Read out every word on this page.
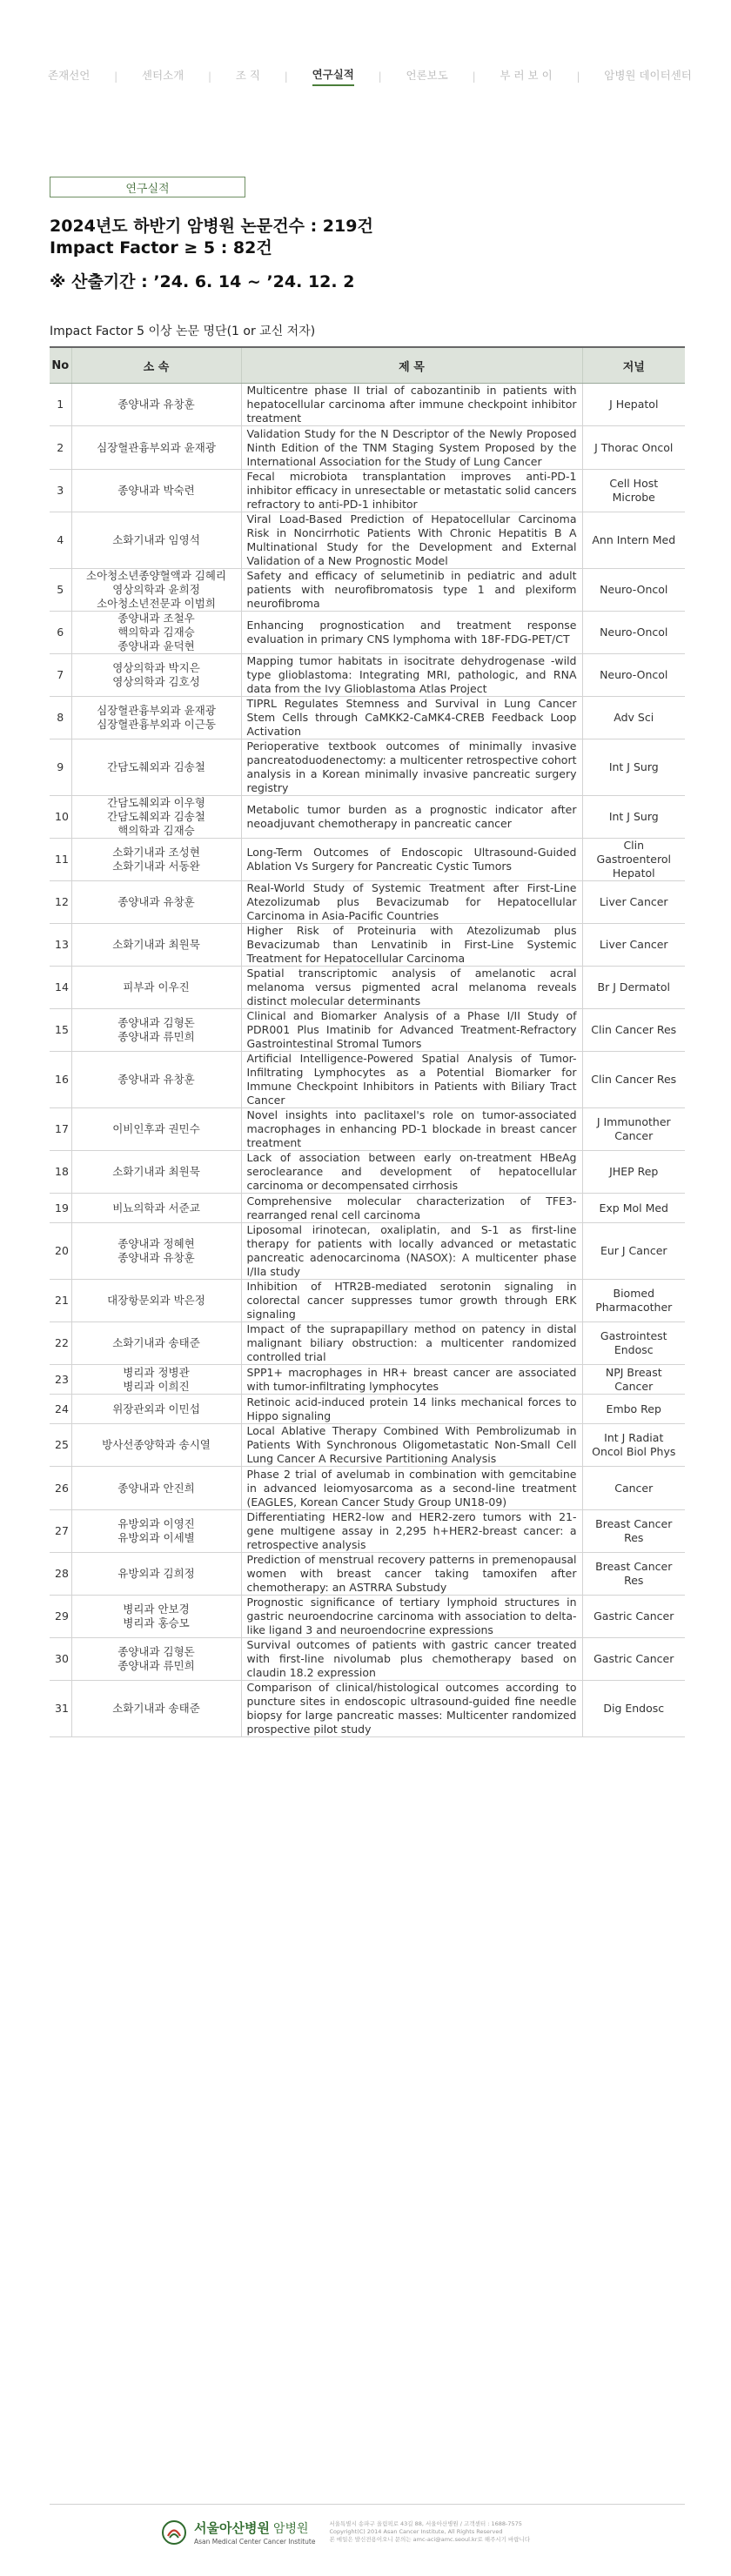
존재선언 | 센터소개 | 조 직 | 연구실적 | 언론보도 | 부 러 보 이 | 암병원 데이터센터
연구실적
2024년도 하반기 암병원 논문건수 : 219건
Impact Factor ≥ 5 : 82건
※ 산출기간 : ’24. 6. 14 ~ ’24. 12. 2
Impact Factor 5 이상 논문 명단(1 or 교신 저자)
No	소 속	제 목	저널
1	종양내과 유창훈	Multicentre phase II trial of cabozantinib in patients with hepatocellular carcinoma after immune checkpoint inhibitor treatment	J Hepatol
2	심장혈관흉부외과 윤재광	Validation Study for the N Descriptor of the Newly Proposed Ninth Edition of the TNM Staging System Proposed by the International Association for the Study of Lung Cancer	J Thorac Oncol
3	종양내과 박숙련	Fecal microbiota transplantation improves anti-PD-1 inhibitor efficacy in unresectable or metastatic solid cancers refractory to anti-PD-1 inhibitor	Cell Host Microbe
4	소화기내과 임영석	Viral Load-Based Prediction of Hepatocellular Carcinoma Risk in Noncirrhotic Patients With Chronic Hepatitis B A Multinational Study for the Development and External Validation of a New Prognostic Model	Ann Intern Med
5	소아청소년종양혈액과 김혜리
영상의학과 윤희정
소아청소년전문과 이범희	Safety and efficacy of selumetinib in pediatric and adult patients with neurofibromatosis type 1 and plexiform neurofibroma	Neuro-Oncol
6	종양내과 조철우
핵의학과 김재승
종양내과 윤덕현	Enhancing prognostication and treatment response evaluation in primary CNS lymphoma with 18F-FDG-PET/CT	Neuro-Oncol
7	영상의학과 박지은
영상의학과 김호성	Mapping tumor habitats in isocitrate dehydrogenase -wild type glioblastoma: Integrating MRI, pathologic, and RNA data from the Ivy Glioblastoma Atlas Project	Neuro-Oncol
8	심장혈관흉부외과 윤재광
심장혈관흉부외과 이근동	TIPRL Regulates Stemness and Survival in Lung Cancer Stem Cells through CaMKK2-CaMK4-CREB Feedback Loop Activation	Adv Sci
9	간담도췌외과 김송철	Perioperative textbook outcomes of minimally invasive pancreatoduodenectomy: a multicenter retrospective cohort analysis in a Korean minimally invasive pancreatic surgery registry	Int J Surg
10	간담도췌외과 이우형
간담도췌외과 김송철
핵의학과 김재승	Metabolic tumor burden as a prognostic indicator after neoadjuvant chemotherapy in pancreatic cancer	Int J Surg
11	소화기내과 조성현
소화기내과 서동완	Long-Term Outcomes of Endoscopic Ultrasound-Guided Ablation Vs Surgery for Pancreatic Cystic Tumors	Clin Gastroenterol Hepatol
12	종양내과 유창훈	Real-World Study of Systemic Treatment after First-Line Atezolizumab plus Bevacizumab for Hepatocellular Carcinoma in Asia-Pacific Countries	Liver Cancer
13	소화기내과 최원묵	Higher Risk of Proteinuria with Atezolizumab plus Bevacizumab than Lenvatinib in First-Line Systemic Treatment for Hepatocellular Carcinoma	Liver Cancer
14	피부과 이우진	Spatial transcriptomic analysis of amelanotic acral melanoma versus pigmented acral melanoma reveals distinct molecular determinants	Br J Dermatol
15	종양내과 김형돈
종양내과 류민희	Clinical and Biomarker Analysis of a Phase I/II Study of PDR001 Plus Imatinib for Advanced Treatment-Refractory Gastrointestinal Stromal Tumors	Clin Cancer Res
16	종양내과 유창훈	Artificial Intelligence-Powered Spatial Analysis of Tumor-Infiltrating Lymphocytes as a Potential Biomarker for Immune Checkpoint Inhibitors in Patients with Biliary Tract Cancer	Clin Cancer Res
17	이비인후과 권민수	Novel insights into paclitaxel's role on tumor-associated macrophages in enhancing PD-1 blockade in breast cancer treatment	J Immunother Cancer
18	소화기내과 최원묵	Lack of association between early on-treatment HBeAg seroclearance and development of hepatocellular carcinoma or decompensated cirrhosis	JHEP Rep
19	비뇨의학과 서준교	Comprehensive molecular characterization of TFE3-rearranged renal cell carcinoma	Exp Mol Med
20	종양내과 정혜현
종양내과 유창훈	Liposomal irinotecan, oxaliplatin, and S-1 as first-line therapy for patients with locally advanced or metastatic pancreatic adenocarcinoma (NASOX): A multicenter phase I/IIa study	Eur J Cancer
21	대장항문외과 박은정	Inhibition of HTR2B-mediated serotonin signaling in colorectal cancer suppresses tumor growth through ERK signaling	Biomed Pharmacother
22	소화기내과 송태준	Impact of the suprapapillary method on patency in distal malignant biliary obstruction: a multicenter randomized controlled trial	Gastrointest Endosc
23	병리과 정병관
병리과 이희진	SPP1+ macrophages in HR+ breast cancer are associated with tumor-infiltrating lymphocytes	NPJ Breast Cancer
24	위장관외과 이민섭	Retinoic acid-induced protein 14 links mechanical forces to Hippo signaling	Embo Rep
25	방사선종양학과 송시열	Local Ablative Therapy Combined With Pembrolizumab in Patients With Synchronous Oligometastatic Non-Small Cell Lung Cancer A Recursive Partitioning Analysis	Int J Radiat Oncol Biol Phys
26	종양내과 안진희	Phase 2 trial of avelumab in combination with gemcitabine in advanced leiomyosarcoma as a second-line treatment (EAGLES, Korean Cancer Study Group UN18-09)	Cancer
27	유방외과 이영진
유방외과 이세별	Differentiating HER2-low and HER2-zero tumors with 21-gene multigene assay in 2,295 h+HER2-breast cancer: a retrospective analysis	Breast Cancer Res
28	유방외과 김희정	Prediction of menstrual recovery patterns in premenopausal women with breast cancer taking tamoxifen after chemotherapy: an ASTRRA Substudy	Breast Cancer Res
29	병리과 안보경
병리과 홍승모	Prognostic significance of tertiary lymphoid structures in gastric neuroendocrine carcinoma with association to delta-like ligand 3 and neuroendocrine expressions	Gastric Cancer
30	종양내과 김형돈
종양내과 류민희	Survival outcomes of patients with gastric cancer treated with first-line nivolumab plus chemotherapy based on claudin 18.2 expression	Gastric Cancer
31	소화기내과 송태준	Comparison of clinical/histological outcomes according to puncture sites in endoscopic ultrasound-guided fine needle biopsy for large pancreatic masses: Multicenter randomized prospective pilot study	Dig Endosc
서울아산병원 암병원
Asan Medical Center Cancer Institute
서울특별시 송파구 올림픽로 43길 88, 서울아산병원 / 고객센터 : 1688-7575
Copyright(C) 2014 Asan Cancer Institute, All Rights Reserved
본 메일은 발신전용이오니 문의는 amc-aci@amc.seoul.kr로 해주시기 바랍니다
